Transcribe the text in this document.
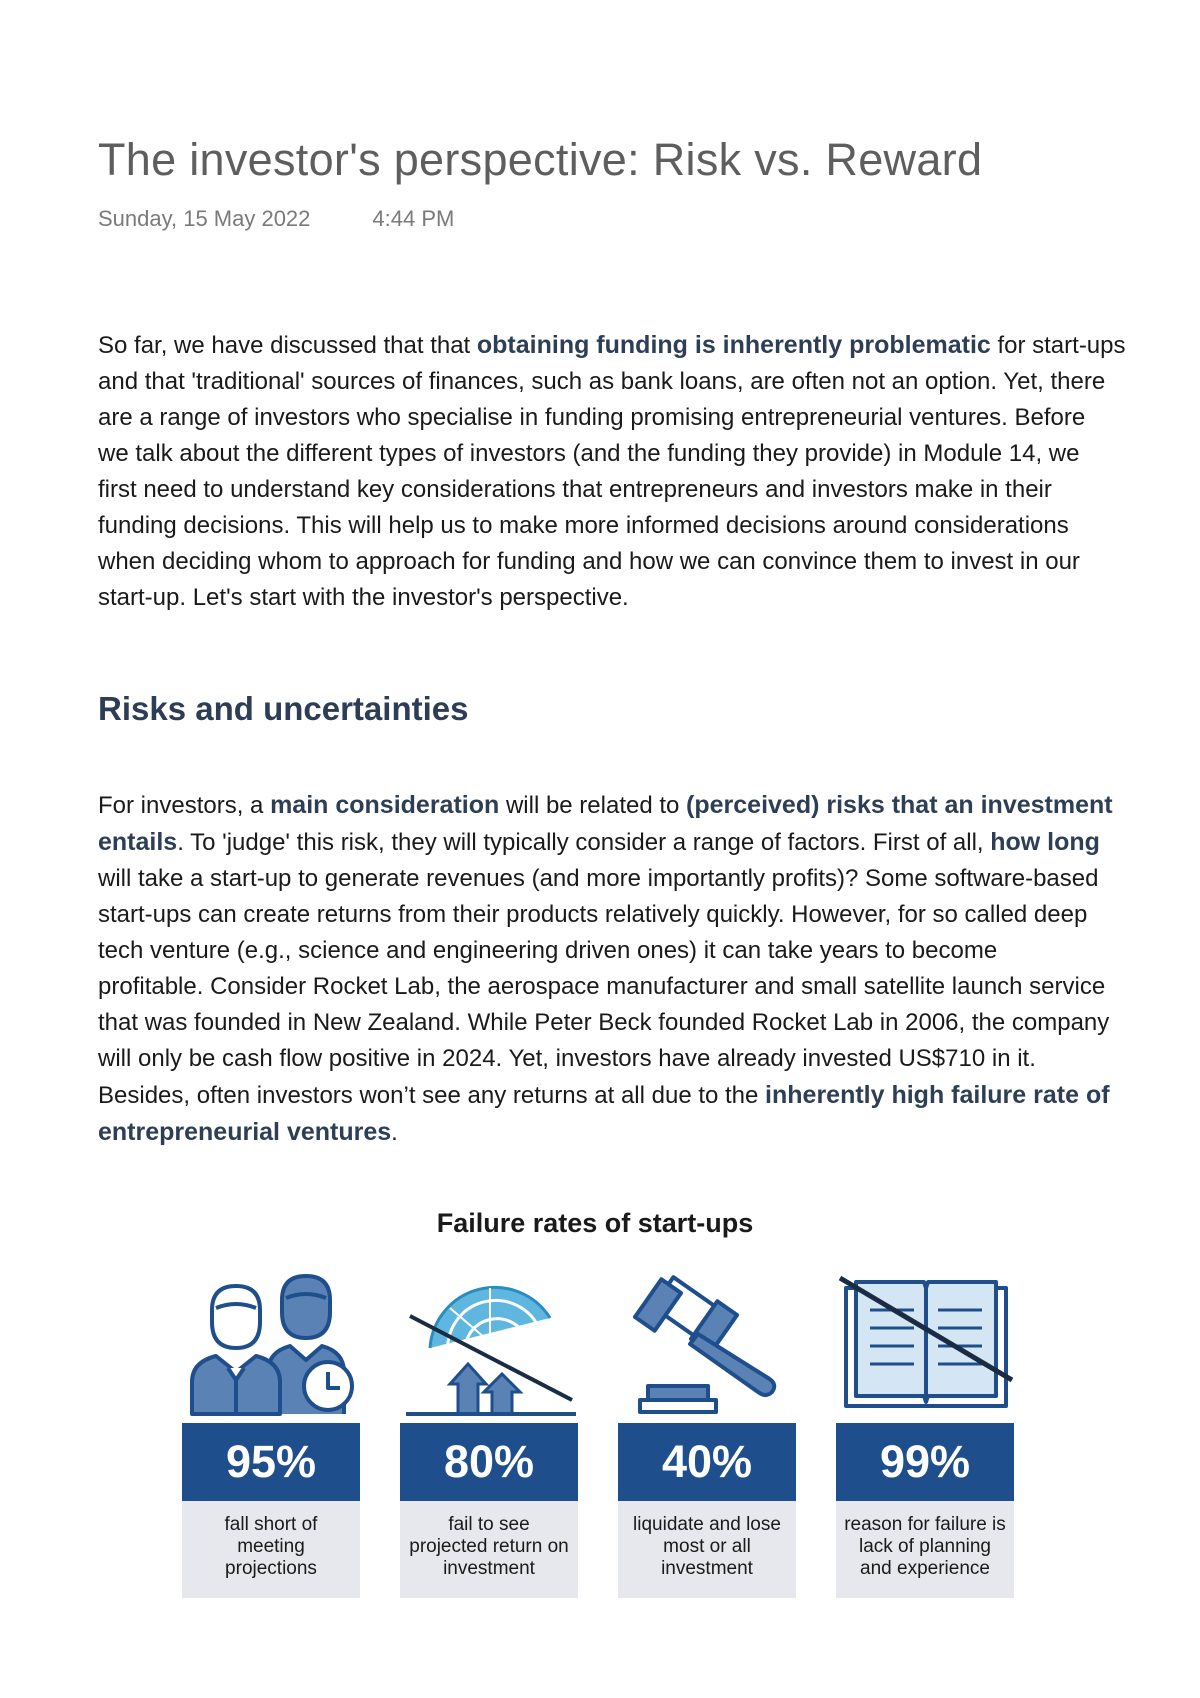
The investor's perspective: Risk vs. Reward
Sunday, 15 May 2022	4:44 PM

So far, we have discussed that that obtaining funding is inherently problematic for start-ups
and that 'traditional' sources of finances, such as bank loans, are often not an option. Yet, there
are a range of investors who specialise in funding promising entrepreneurial ventures. Before
we talk about the different types of investors (and the funding they provide) in Module 14, we
first need to understand key considerations that entrepreneurs and investors make in their
funding decisions. This will help us to make more informed decisions around considerations
when deciding whom to approach for funding and how we can convince them to invest in our
start-up. Let's start with the investor's perspective.

Risks and uncertainties

For investors, a main consideration will be related to (perceived) risks that an investment
entails. To 'judge' this risk, they will typically consider a range of factors. First of all, how long
will take a start-up to generate revenues (and more importantly profits)? Some software-based
start-ups can create returns from their products relatively quickly. However, for so called deep
tech venture (e.g., science and engineering driven ones) it can take years to become
profitable. Consider Rocket Lab, the aerospace manufacturer and small satellite launch service
that was founded in New Zealand. While Peter Beck founded Rocket Lab in 2006, the company
will only be cash flow positive in 2024. Yet, investors have already invested US$710 in it.
Besides, often investors won’t see any returns at all due to the inherently high failure rate of
entrepreneurial ventures.

Failure rates of start-ups
95%
fall short of meeting projections
80%
fail to see projected return on investment
40%
liquidate and lose most or all investment
99%
reason for failure is lack of planning and experience
